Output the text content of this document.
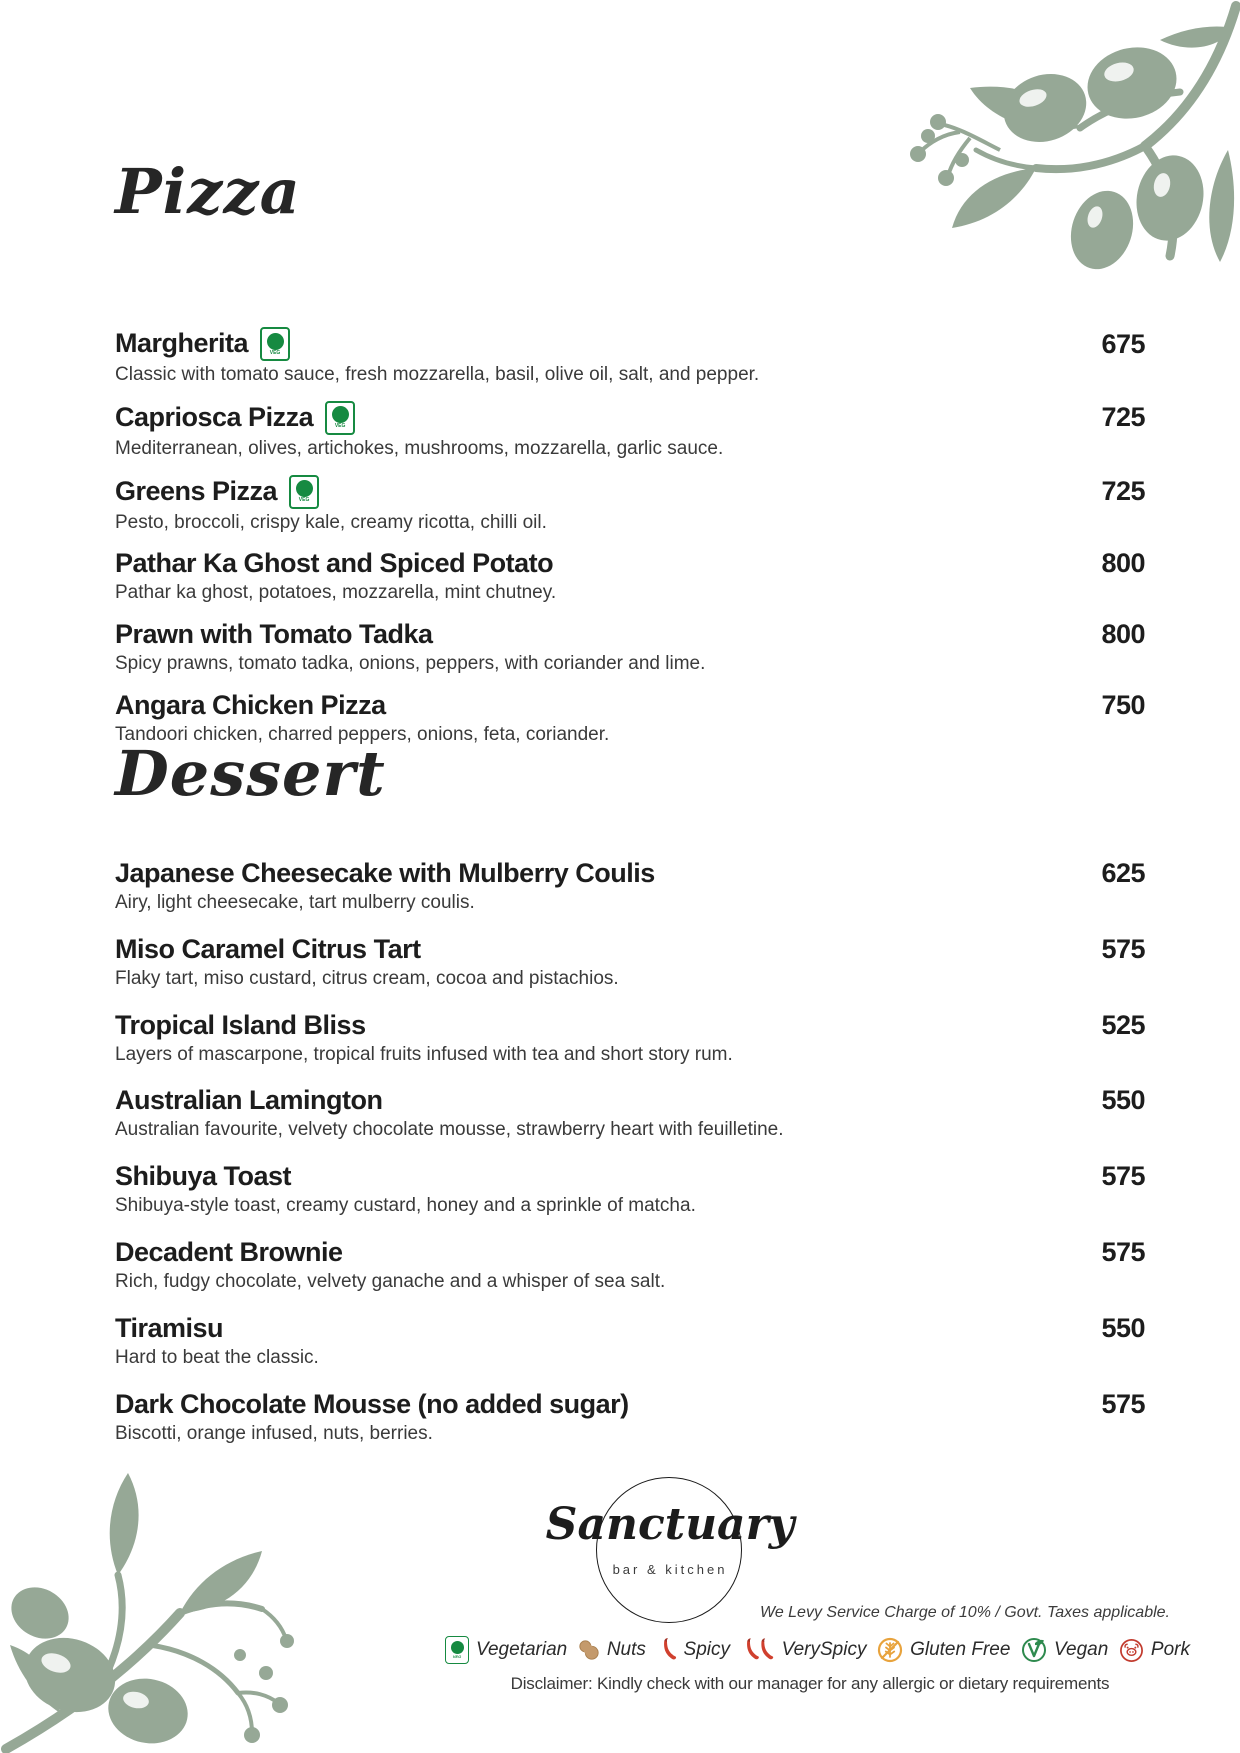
Pizza
Margherita	VEG	675
Classic with tomato sauce, fresh mozzarella, basil, olive oil, salt, and pepper.
Capriosca Pizza	VEG	725
Mediterranean, olives, artichokes, mushrooms, mozzarella, garlic sauce.
Greens Pizza	VEG	725
Pesto, broccoli, crispy kale, creamy ricotta, chilli oil.
Pathar Ka Ghost and Spiced Potato	800
Pathar ka ghost, potatoes, mozzarella, mint chutney.
Prawn with Tomato Tadka	800
Spicy prawns, tomato tadka, onions, peppers, with coriander and lime.
Angara Chicken Pizza	750
Tandoori chicken, charred peppers, onions, feta, coriander.
Dessert
Japanese Cheesecake with Mulberry Coulis	625
Airy, light cheesecake, tart mulberry coulis.
Miso Caramel Citrus Tart	575
Flaky tart, miso custard, citrus cream, cocoa and pistachios.
Tropical Island Bliss	525
Layers of mascarpone, tropical fruits infused with tea and short story rum.
Australian Lamington	550
Australian favourite, velvety chocolate mousse, strawberry heart with feuilletine.
Shibuya Toast	575
Shibuya-style toast, creamy custard, honey and a sprinkle of matcha.
Decadent Brownie	575
Rich, fudgy chocolate, velvety ganache and a whisper of sea salt.
Tiramisu	550
Hard to beat the classic.
Dark Chocolate Mousse (no added sugar)	575
Biscotti, orange infused, nuts, berries.
Sanctuary
bar & kitchen
We Levy Service Charge of 10% / Govt. Taxes applicable.
VEG Vegetarian Nuts Spicy	VerySpicy Gluten Free Vegan Pork
Disclaimer: Kindly check with our manager for any allergic or dietary requirements
